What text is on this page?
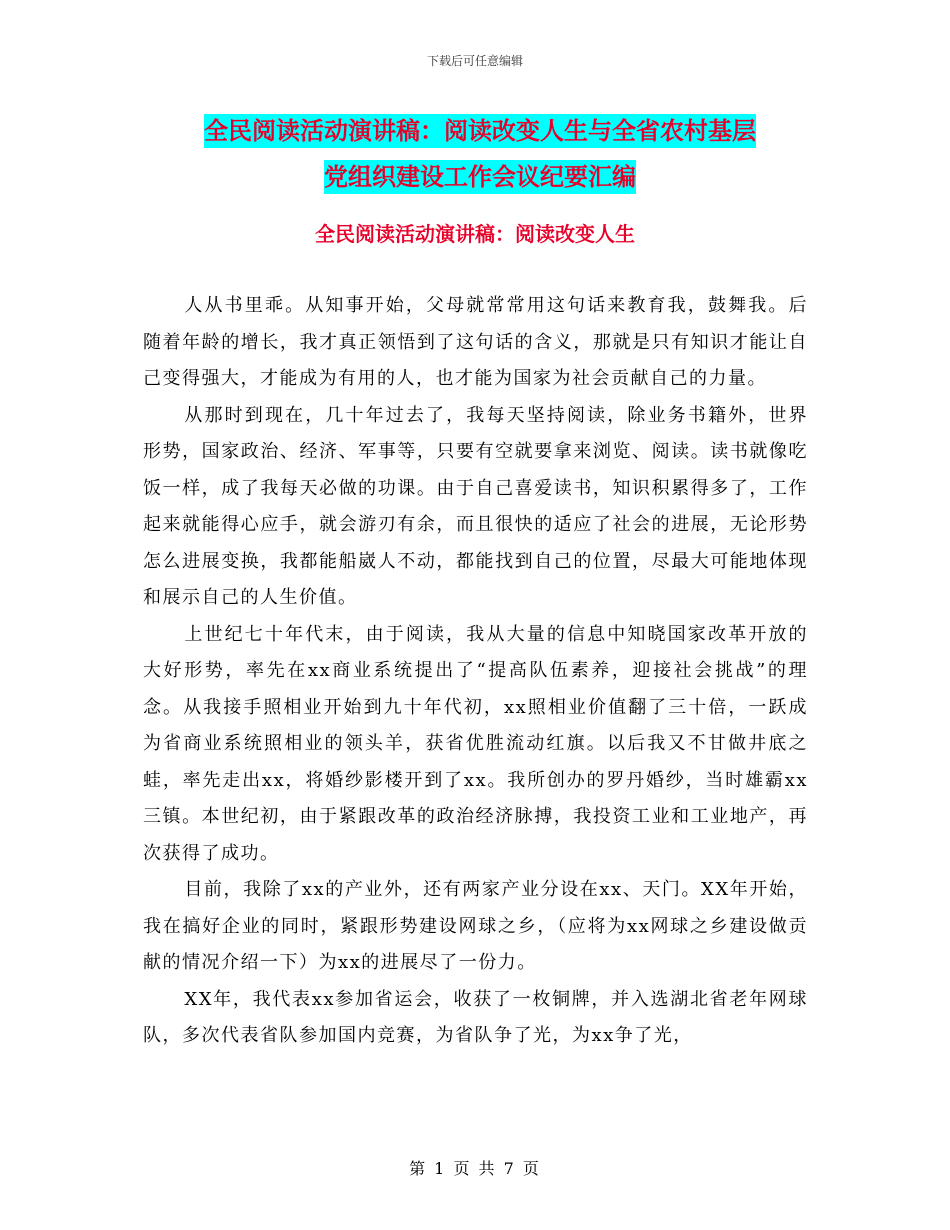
下载后可任意编辑
全民阅读活动演讲稿：阅读改变人生与全省农村基层
党组织建设工作会议纪要汇编
全民阅读活动演讲稿：阅读改变人生

人从书里乖。从知事开始，父母就常常用这句话来教育我，鼓舞我。后随着年龄的增长，我才真正领悟到了这句话的含义，那就是只有知识才能让自己变得强大，才能成为有用的人，也才能为国家为社会贡献自己的力量。

从那时到现在，几十年过去了，我每天坚持阅读，除业务书籍外，世界形势，国家政治、经济、军事等，只要有空就要拿来浏览、阅读。读书就像吃饭一样，成了我每天必做的功课。由于自己喜爱读书，知识积累得多了，工作起来就能得心应手，就会游刃有余，而且很快的适应了社会的进展，无论形势怎么进展变换，我都能船崴人不动，都能找到自己的位置，尽最大可能地体现和展示自己的人生价值。

上世纪七十年代末，由于阅读，我从大量的信息中知晓国家改革开放的大好形势，率先在xx商业系统提出了“提高队伍素养，迎接社会挑战”的理念。从我接手照相业开始到九十年代初，xx照相业价值翻了三十倍，一跃成为省商业系统照相业的领头羊，获省优胜流动红旗。以后我又不甘做井底之蛙，率先走出xx，将婚纱影楼开到了xx。我所创办的罗丹婚纱，当时雄霸xx三镇。本世纪初，由于紧跟改革的政治经济脉搏，我投资工业和工业地产，再次获得了成功。

目前，我除了xx的产业外，还有两家产业分设在xx、天门。XX年开始，我在搞好企业的同时，紧跟形势建设网球之乡，（应将为xx网球之乡建设做贡献的情况介绍一下）为xx的进展尽了一份力。

XX年，我代表xx参加省运会，收获了一枚铜牌，并入选湖北省老年网球队，多次代表省队参加国内竞赛，为省队争了光，为xx争了光，

第 1 页 共 7 页
